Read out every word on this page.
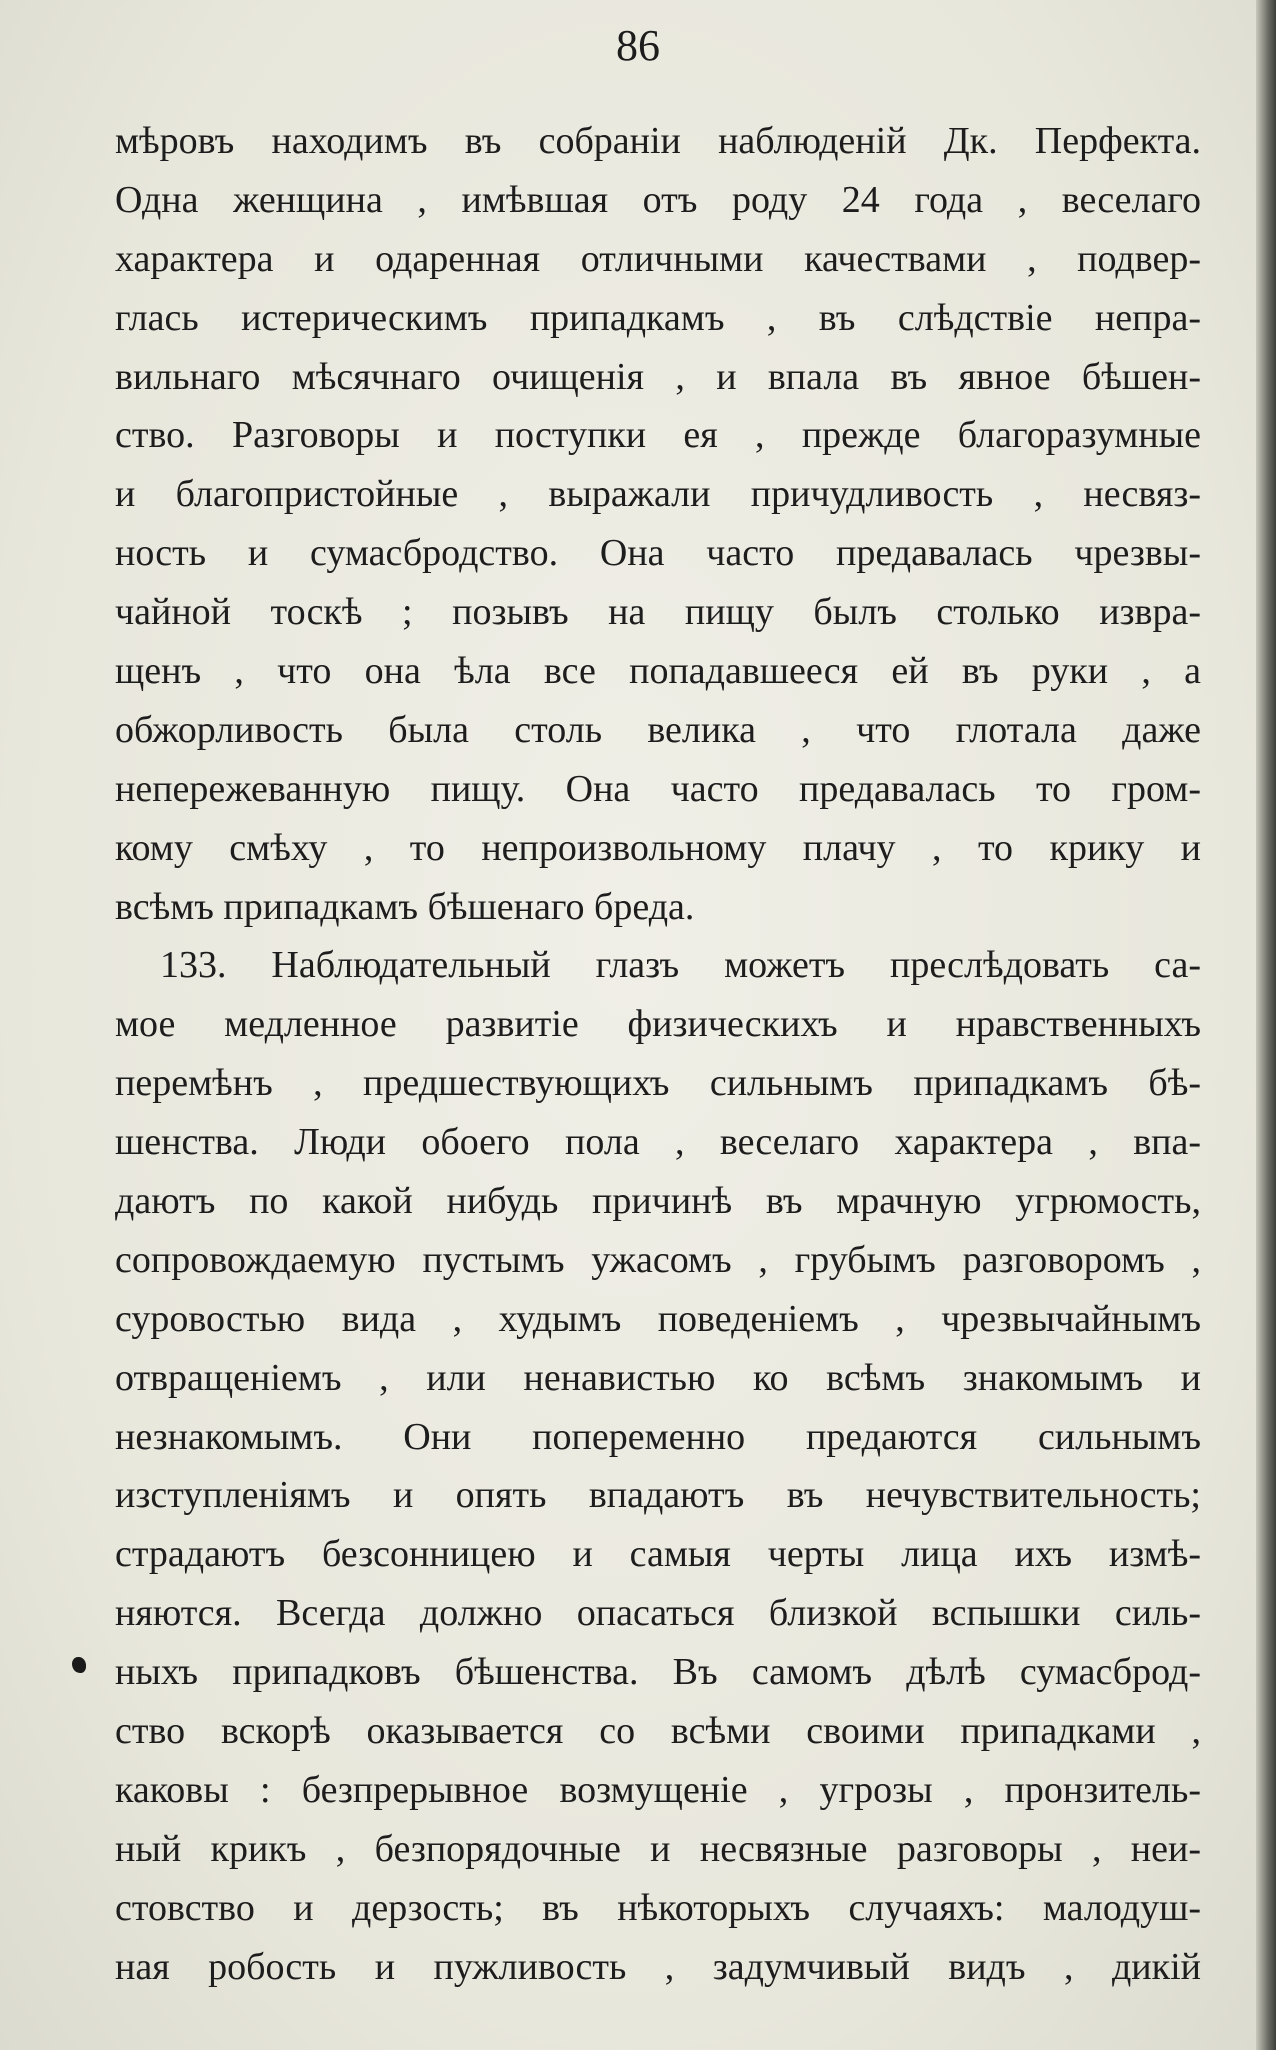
86
мѣровъ находимъ въ собраніи наблюденій Дк. Перфекта.
Одна женщина , имѣвшая отъ роду 24 года , веселаго
характера и одаренная отличными качествами , подвер-
глась истерическимъ припадкамъ , въ слѣдствіе непра-
вильнаго мѣсячнаго очищенія , и впала въ явное бѣшен-
ство. Разговоры и поступки ея , прежде благоразумные
и благопристойные , выражали причудливость , несвяз-
ность и сумасбродство. Она часто предавалась чрезвы-
чайной тоскѣ ; позывъ на пищу былъ столько извра-
щенъ , что она ѣла все попадавшееся ей въ руки , а
обжорливость была столь велика , что глотала даже
непережеванную пищу. Она часто предавалась то гром-
кому смѣху , то непроизвольному плачу , то крику и
всѣмъ припадкамъ бѣшенаго бреда.
133. Наблюдательный глазъ можетъ преслѣдовать са-
мое медленное развитіе физическихъ и нравственныхъ
перемѣнъ , предшествующихъ сильнымъ припадкамъ бѣ-
шенства. Люди обоего пола , веселаго характера , впа-
даютъ по какой нибудь причинѣ въ мрачную угрюмость,
сопровождаемую пустымъ ужасомъ , грубымъ разговоромъ ,
суровостью вида , худымъ поведеніемъ , чрезвычайнымъ
отвращеніемъ , или ненавистью ко всѣмъ знакомымъ и
незнакомымъ. Они попеременно предаются сильнымъ
изступленіямъ и опять впадаютъ въ нечувствительность;
страдаютъ безсонницею и самыя черты лица ихъ измѣ-
няются. Всегда должно опасаться близкой вспышки силь-
ныхъ припадковъ бѣшенства. Въ самомъ дѣлѣ сумасброд-
ство вскорѣ оказывается со всѣми своими припадками ,
каковы : безпрерывное возмущеніе , угрозы , пронзитель-
ный крикъ , безпорядочные и несвязные разговоры , неи-
стовство и дерзость; въ нѣкоторыхъ случаяхъ: малодуш-
ная робость и пужливость , задумчивый видъ , дикій
